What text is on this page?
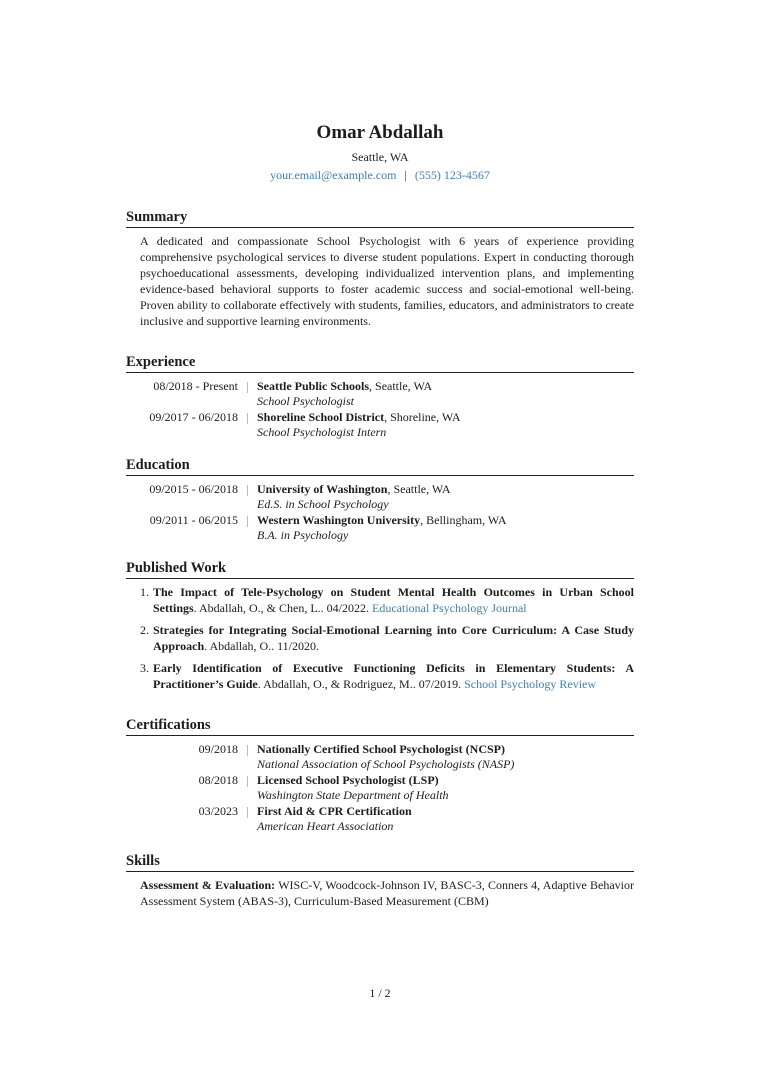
Omar Abdallah
Seattle, WA
your.email@example.com | (555) 123-4567
Summary
A dedicated and compassionate School Psychologist with 6 years of experience providing comprehensive psychological services to diverse student populations. Expert in conducting thorough psychoeducational assessments, developing individualized intervention plans, and implementing evidence-based behavioral supports to foster academic success and social-emotional well-being. Proven ability to collaborate effectively with students, families, educators, and administrators to create inclusive and supportive learning environments.
Experience
08/2018 - Present Seattle Public Schools, Seattle, WA
School Psychologist
09/2017 - 06/2018 Shoreline School District, Shoreline, WA
School Psychologist Intern
Education
09/2015 - 06/2018 University of Washington, Seattle, WA
Ed.S. in School Psychology
09/2011 - 06/2015 Western Washington University, Bellingham, WA
B.A. in Psychology
Published Work
1. The Impact of Tele-Psychology on Student Mental Health Outcomes in Urban School Settings. Abdallah, O., & Chen, L.. 04/2022. Educational Psychology Journal
2. Strategies for Integrating Social-Emotional Learning into Core Curriculum: A Case Study Approach. Abdallah, O.. 11/2020.
3. Early Identification of Executive Functioning Deficits in Elementary Students: A Practitioner’s Guide. Abdallah, O., & Rodriguez, M.. 07/2019. School Psychology Review
Certifications
09/2018 Nationally Certified School Psychologist (NCSP)
National Association of School Psychologists (NASP)
08/2018 Licensed School Psychologist (LSP)
Washington State Department of Health
03/2023 First Aid & CPR Certification
American Heart Association
Skills
Assessment & Evaluation: WISC-V, Woodcock-Johnson IV, BASC-3, Conners 4, Adaptive Behavior Assessment System (ABAS-3), Curriculum-Based Measurement (CBM)
1 / 2
